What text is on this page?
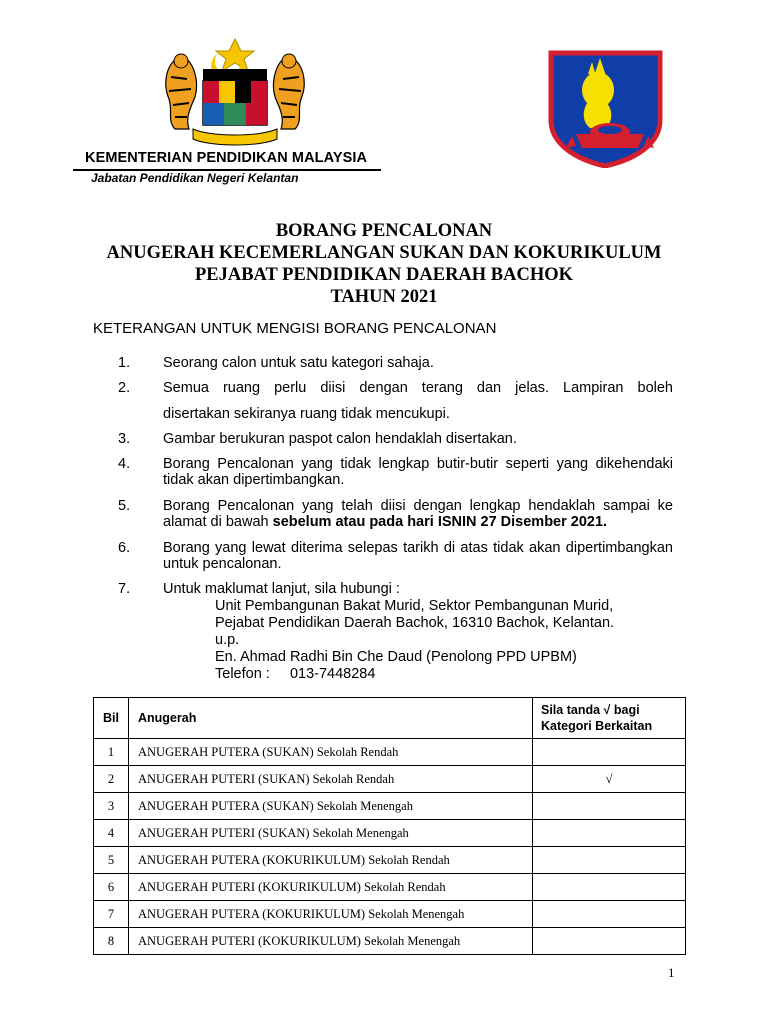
KEMENTERIAN PENDIDIKAN MALAYSIA
Jabatan Pendidikan Negeri Kelantan
BORANG PENCALONAN
ANUGERAH KECEMERLANGAN SUKAN DAN KOKURIKULUM
PEJABAT PENDIDIKAN DAERAH BACHOK
TAHUN 2021
KETERANGAN UNTUK MENGISI BORANG PENCALONAN
1. Seorang calon untuk satu kategori sahaja.
2. Semua ruang perlu diisi dengan terang dan jelas. Lampiran boleh
disertakan sekiranya ruang tidak mencukupi.
3. Gambar berukuran paspot calon hendaklah disertakan.
4. Borang Pencalonan yang tidak lengkap butir-butir seperti yang dikehendaki tidak akan dipertimbangkan.
5. Borang Pencalonan yang telah diisi dengan lengkap hendaklah sampai ke alamat di bawah sebelum atau pada hari ISNIN 27 Disember 2021.
6. Borang yang lewat diterima selepas tarikh di atas tidak akan dipertimbangkan untuk pencalonan.
7. Untuk maklumat lanjut, sila hubungi :
Unit Pembangunan Bakat Murid, Sektor Pembangunan Murid,
Pejabat Pendidikan Daerah Bachok, 16310 Bachok, Kelantan.
u.p.
En. Ahmad Radhi Bin Che Daud (Penolong PPD UPBM)
Telefon :     013-7448284
Bil	Anugerah	Sila tanda √ bagi Kategori Berkaitan
1	ANUGERAH PUTERA (SUKAN) Sekolah Rendah	
2	ANUGERAH PUTERI (SUKAN) Sekolah Rendah	√
3	ANUGERAH PUTERA (SUKAN) Sekolah Menengah	
4	ANUGERAH PUTERI (SUKAN) Sekolah Menengah	
5	ANUGERAH PUTERA (KOKURIKULUM) Sekolah Rendah	
6	ANUGERAH PUTERI (KOKURIKULUM) Sekolah Rendah	
7	ANUGERAH PUTERA (KOKURIKULUM) Sekolah Menengah	
8	ANUGERAH PUTERI (KOKURIKULUM) Sekolah Menengah	
1
